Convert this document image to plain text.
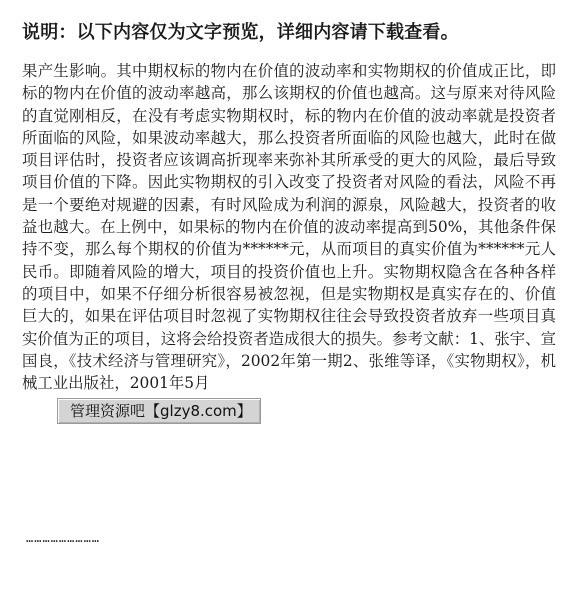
说明：以下内容仅为文字预览，详细内容请下载查看。
果产生影响。其中期权标的物内在价值的波动率和实物期权的价值成正比，即标的物内在价值的波动率越高，那么该期权的价值也越高。这与原来对待风险的直觉刚相反，在没有考虑实物期权时，标的物内在价值的波动率就是投资者所面临的风险，如果波动率越大，那么投资者所面临的风险也越大，此时在做项目评估时，投资者应该调高折现率来弥补其所承受的更大的风险，最后导致项目价值的下降。因此实物期权的引入改变了投资者对风险的看法，风险不再是一个要绝对规避的因素，有时风险成为利润的源泉，风险越大，投资者的收益也越大。在上例中，如果标的物内在价值的波动率提高到50%，其他条件保持不变，那么每个期权的价值为******元，从而项目的真实价值为******元人民币。即随着风险的增大，项目的投资价值也上升。实物期权隐含在各种各样的项目中，如果不仔细分析很容易被忽视，但是实物期权是真实存在的、价值巨大的，如果在评估项目时忽视了实物期权往往会导致投资者放弃一些项目真实价值为正的项目，这将会给投资者造成很大的损失。参考文献：1、张宇、宣国良，《技术经济与管理研究》，2002年第一期2、张维等译，《实物期权》，机械工业出版社，2001年5月
………………………
管理资源吧【glzy8.com】
